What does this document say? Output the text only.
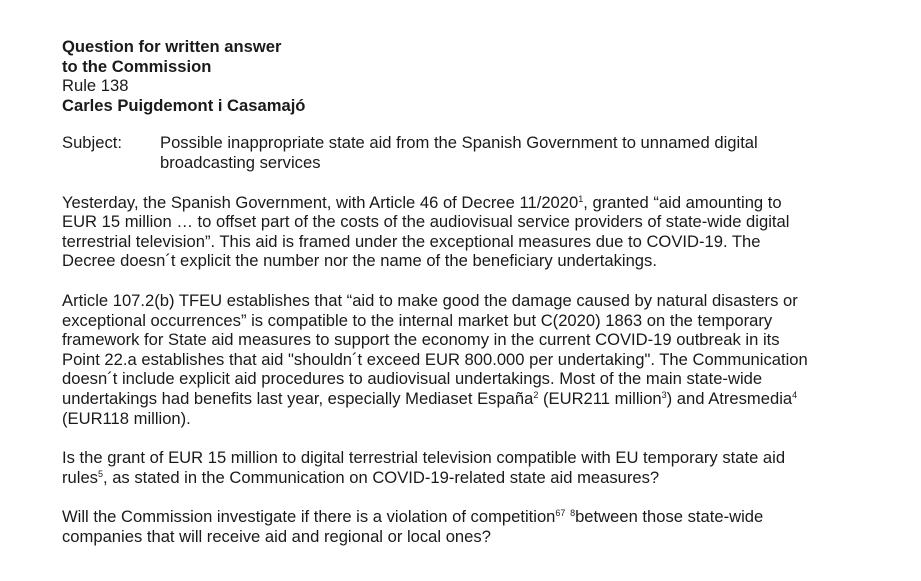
Question for written answer

to the Commission

Rule 138

Carles Puigdemont i Casamajó

Subject:	Possible inappropriate state aid from the Spanish Government to unnamed digital
broadcasting services
Yesterday, the Spanish Government, with Article 46 of Decree 11/2020$^1$, granted “aid amounting to
EUR 15 million … to offset part of the costs of the audiovisual service providers of state-wide digital
terrestrial television”. This aid is framed under the exceptional measures due to COVID-19. The
Decree doesn´t explicit the number nor the name of the beneficiary undertakings.
Article 107.2(b) TFEU establishes that “aid to make good the damage caused by natural disasters or
exceptional occurrences” is compatible to the internal market but C(2020) 1863 on the temporary
framework for State aid measures to support the economy in the current COVID-19 outbreak in its
Point 22.a establishes that aid "shouldn´t exceed EUR 800.000 per undertaking". The Communication
doesn´t include explicit aid procedures to audiovisual undertakings. Most of the main state-wide
undertakings had benefits last year, especially Mediaset España$^2$ (EUR211 million$^3$) and Atresmedia$^4$
(EUR118 million).
Is the grant of EUR 15 million to digital terrestrial television compatible with EU temporary state aid
rules$^5$, as stated in the Communication on COVID-19-related state aid measures?
Will the Commission investigate if there is a violation of competition$^{67}$ $^8$between those state-wide
companies that will receive aid and regional or local ones?
